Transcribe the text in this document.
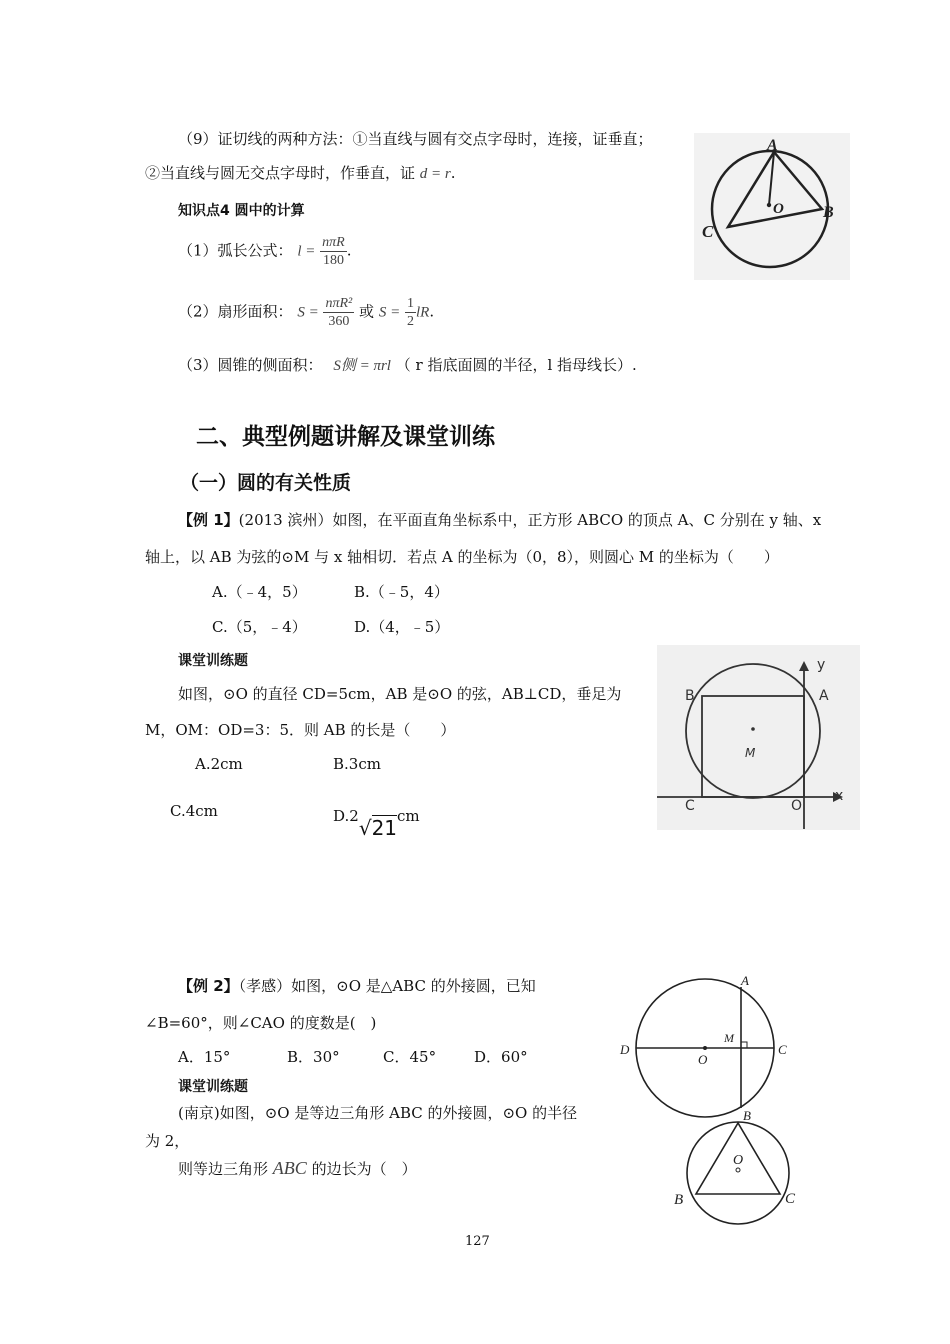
（9）证切线的两种方法：①当直线与圆有交点字母时，连接，证垂直；
②当直线与圆无交点字母时，作垂直，证 d = r.
知识点4 圆中的计算
（1）弧长公式： $l = \frac{\text{nπR}}{180}$ .
（2）扇形面积： $S = \frac{\text{nπR²}}{360}$ 或 $S = \frac{1}{2}$ lR.
（3）圆锥的侧面积： S侧 = πrl （ r 指底面圆的半径，l 指母线长）.
A
B
C
O
二、典型例题讲解及课堂训练
（一）圆的有关性质
【例 1】(2013 滨州）如图，在平面直角坐标系中，正方形 ABCO 的顶点 A、C 分别在 y 轴、x
轴上，以 AB 为弦的⊙M 与 x 轴相切．若点 A 的坐标为（0，8），则圆心 M 的坐标为（　　）
A.（﹣4，5）	B.（﹣5，4）
C.（5，﹣4）	D.（4，﹣5）
课堂训练题
如图，⊙O 的直径 CD=5cm，AB 是⊙O 的弦，AB⊥CD，垂足为
M，OM：OD=3：5．则 AB 的长是（　　）
A.2cm	B.3cm
C.4cm	D.2√21cm
y
x
A
B
C	O
M
【例 2】（孝感）如图，⊙O 是△ABC 的外接圆，已知
∠B=60°，则∠CAO 的度数是(　)
A．15°	B．30°	C．45°	D．60°
课堂训练题
(南京)如图，⊙O 是等边三角形 ABC 的外接圆，⊙O 的半径
为 2，
则等边三角形 ABC 的边长为（　）
A
B
C
D
O
M
O
B	C
127
